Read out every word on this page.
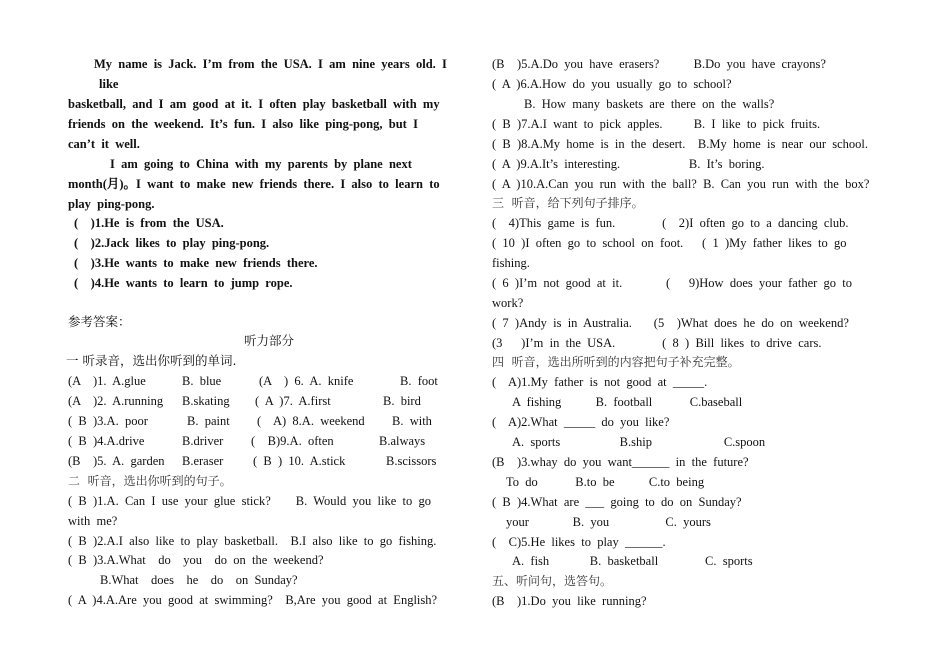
My  name  is  Jack.  I’m  from  the  USA.  I  am  nine  years  old.  I
like
basketball,  and  I  am  good  at  it.  I  often  play  basketball  with  my
friends  on  the  weekend.  It’s  fun.  I  also  like  ping-pong,  but  I
can’t  it  well.
I  am  going  to  China  with  my  parents  by  plane  next
month(月)。I  want  to  make  new  friends  there.  I  also  to  learn  to
play  ping-pong.
(    )1.He  is  from  the  USA.
(    )2.Jack  likes  to  play  ping-pong.
(    )3.He  wants  to  make  new  friends  there.
(    )4.He  wants  to  learn  to  jump  rope.
参考答案：
听力部分
一 听录音，选出你听到的单词.
(A    )1.  A.glue	B.  blue	(A    )  6.  A.  knife	B.  foot
(A    )2.  A.running B.skating (  A  )7.  A.first	B.  bird
(  B  )3.A.  poor	B.  paint (    A)  8.A.  weekend B.  with
(  B  )4.A.drive	B.driver (    B)9.A.  often	B.always
(B    )5.  A.  garden B.eraser (  B  )  10.  A.stick	B.scissors
二  听音，选出你听到的句子。
(  B  )1.A.  Can  I  use  your  glue  stick?        B.  Would  you  like  to  go
with  me?
(  B  )2.A.I  also  like  to  play  basketball.    B.I  also  like  to  go  fishing.
(  B  )3.A.What    do    you    do  on  the  weekend?
B.What    does    he    do    on  Sunday?
(  A  )4.A.Are  you  good  at  swimming?    B,Are  you  good  at  English?
(B    )5.A.Do  you  have  erasers?           B.Do  you  have  crayons?
(  A  )6.A.How  do  you  usually  go  to  school?
B.  How  many  baskets  are  there  on  the  walls?
(  B  )7.A.I  want  to  pick  apples.          B.  I  like  to  pick  fruits.
(  B  )8.A.My  home  is  in  the  desert.    B.My  home  is  near  our  school.
(  A  )9.A.It’s  interesting.                      B.  It’s  boring.
(  A  )10.A.Can  you  run  with  the  ball?  B.  Can  you  run  with  the  box?
三  听音，给下列句子排序。
(    4)This  game  is  fun.               (    2)I  often  go  to  a  dancing  club.
(  10  )I  often  go  to  school  on  foot.      (  1  )My  father  likes  to  go
fishing.
(  6  )I’m  not  good  at  it.              (      9)How  does  your  father  go  to
work?
(  7  )Andy  is  in  Australia.       (5    )What  does  he  do  on  weekend?
(3      )I’m  in  the  USA.               (  8  )  Bill  likes  to  drive  cars.
四  听音，选出所听到的内容把句子补充完整。
(    A)1.My  father  is  not  good  at  _____.
A  fishing           B.  football            C.baseball
(    A)2.What  _____  do  you  like?
A.  sports                   B.ship                       C.spoon
(B    )3.whay  do  you  want______  in  the  future?
To  do            B.to  be           C.to  being
(  B  )4.What  are  ___  going  to  do  on  Sunday?
your              B.  you                  C.  yours
(    C)5.He  likes  to  play  ______.
A.  fish             B.  basketball               C.  sports
五、听问句，选答句。
(B    )1.Do  you  like  running?
